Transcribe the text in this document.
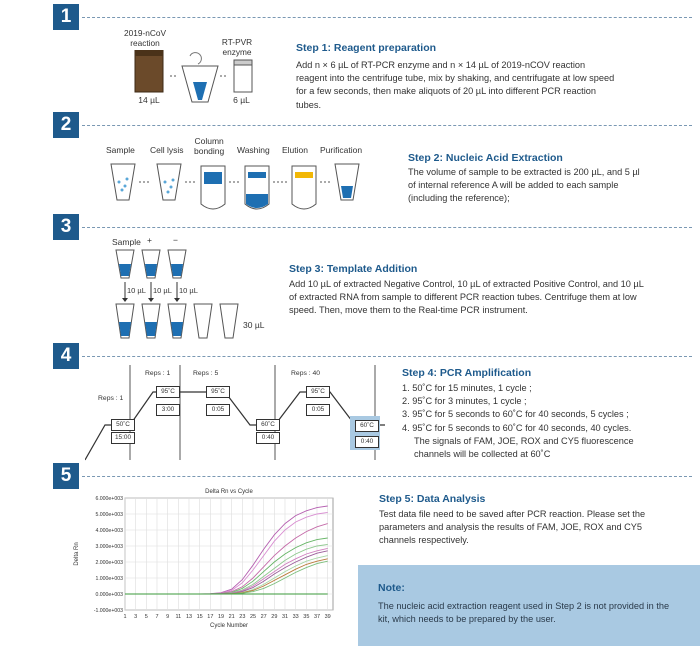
1
2019-nCoV
reaction	RT-PVR
enzyme
14 µL	6 µL
Step 1: Reagent preparation
Add n × 6 µL of RT-PCR enzyme and n × 14 µL of 2019-nCOV reaction reagent into the centrifuge tube, mix by shaking, and centrifugate at low speed for a few seconds, then make aliquots of 20 µL into different PCR reaction tubes.
2
Sample Cell lysis
Column
bonding Washing Elution Purification
Step 2: Nucleic Acid Extraction
The volume of sample to be extracted is 200 µL, and 5 µl of internal reference A will be added to each sample (including the reference);
3
Sample + −
10 µL 10 µL 10 µL
30 µL
Step 3: Template Addition
Add 10 µL of extracted Negative Control, 10 µL of extracted Positive Control, and 10 µL of extracted RNA from sample to different PCR reaction tubes. Centrifuge them at low speed. Then, move them to the Real-time PCR instrument.
4
Reps : 1
Reps : 1	Reps : 5	Reps : 40
50˚C
15:00
95˚C
3:00
95˚C
0:05
60˚C
0:40
95˚C
0:05
60˚C
0:40
Step 4: PCR Amplification
1. 50˚C for 15 minutes, 1 cycle ;
2. 95˚C for 3 minutes, 1 cycle ;
3. 95˚C for 5 seconds to 60˚C for 40 seconds, 5 cycles ;
4. 95˚C for 5 seconds to 60˚C for 40 seconds, 40 cycles.
The signals of FAM, JOE, ROX and CY5 fluorescence
channels will be collected at 60˚C
5
1 3 5 7 9 11 13 15 17 19 21 23 25 27 29 31 33 35 37 39
6.000e+003
5.000e+003
4.000e+003
3.000e+003
2.000e+003
1.000e+003
0.000e+003
-1.000e+003
Delta Rn vs Cycle
Cycle Number
Delta Rn
Step 5: Data Analysis
Test data file need to be saved after PCR reaction. Please set the parameters and analysis the results of FAM, JOE, ROX and CY5 channels respectively.
Note:
The nucleic acid extraction reagent used in Step 2 is not provided in the kit, which needs to be prepared by the user.
